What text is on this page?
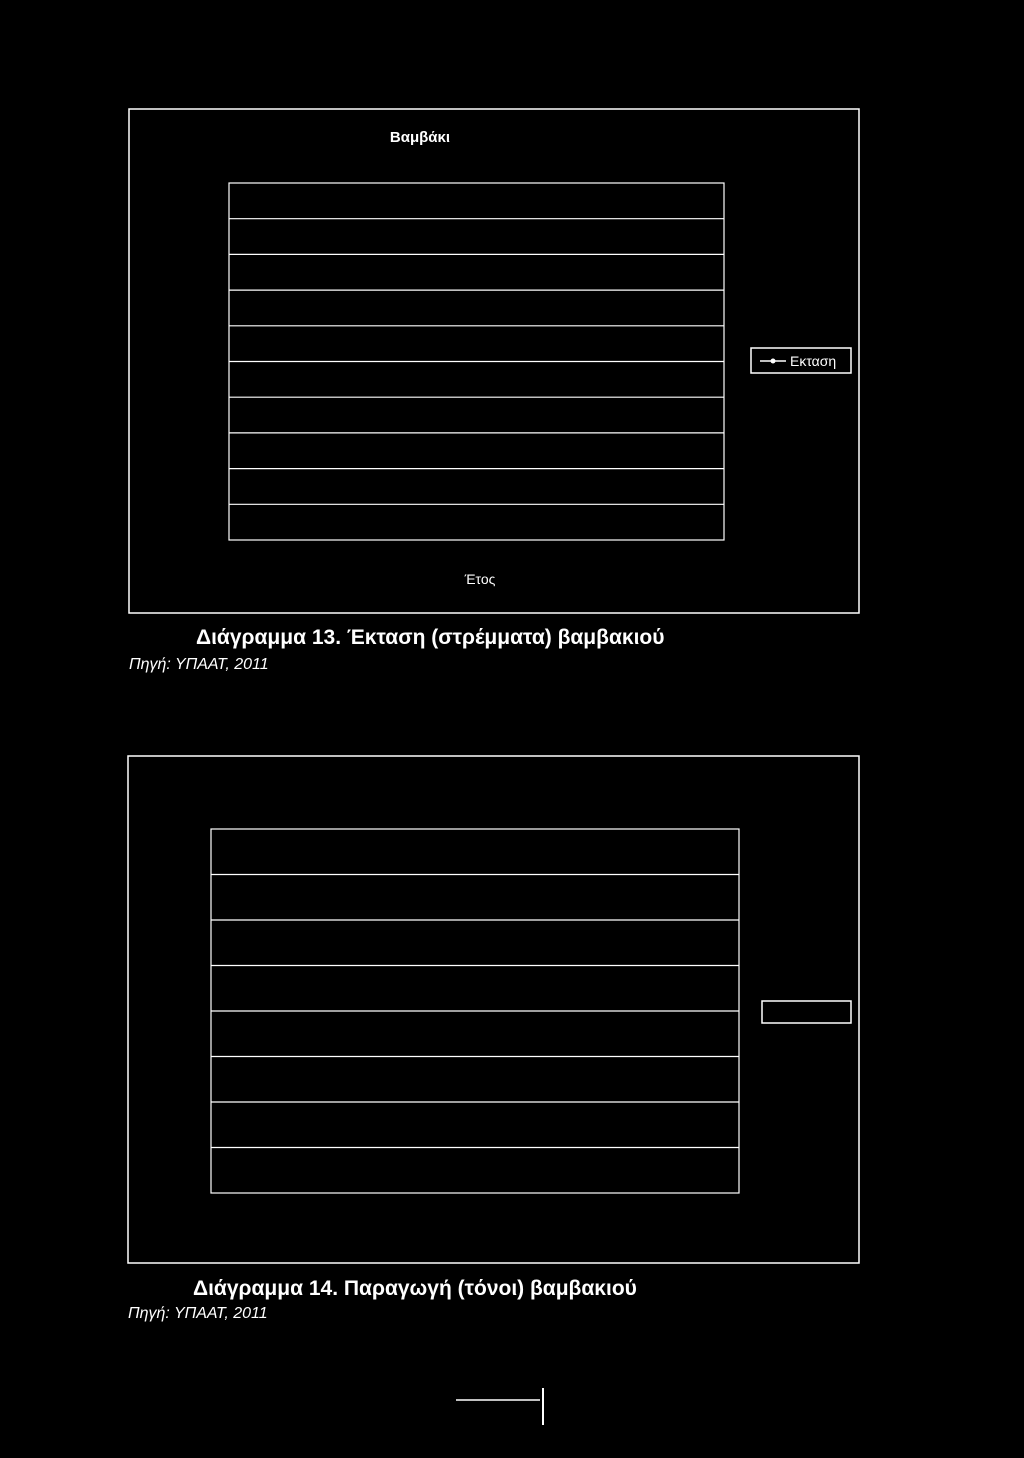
Βαμβάκι
Εκταση
Έτος
Διάγραμμα 13. Έκταση (στρέμματα) βαμβακιού
Πηγή: ΥΠΑΑΤ, 2011
Διάγραμμα 14. Παραγωγή (τόνοι) βαμβακιού
Πηγή: ΥΠΑΑΤ, 2011
